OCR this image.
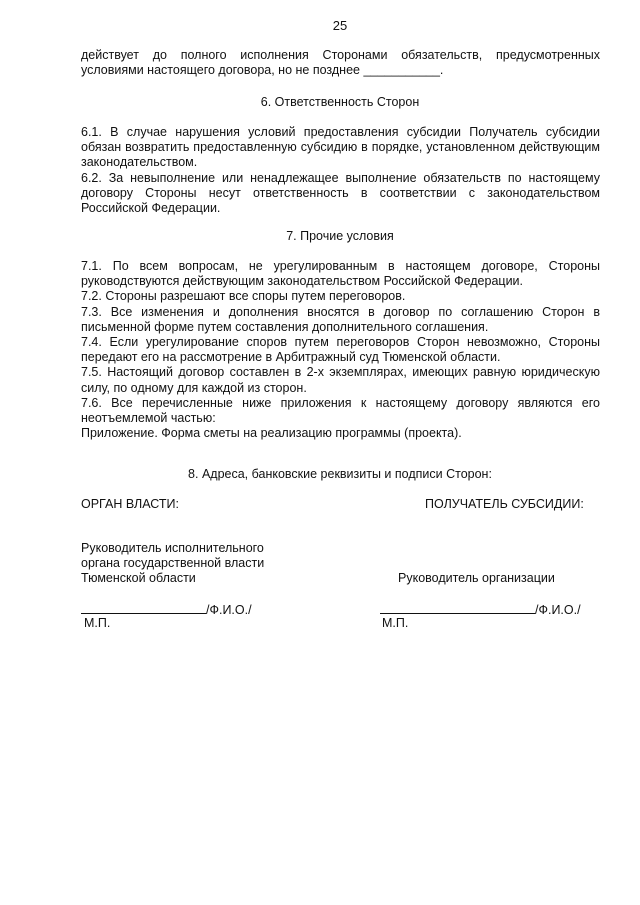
25

действует до полного исполнения Сторонами обязательств, предусмотренных условиями настоящего договора, но не позднее ___________.

6. Ответственность Сторон

6.1. В случае нарушения условий предоставления субсидии Получатель субсидии обязан возвратить предоставленную субсидию в порядке, установленном действующим законодательством.

6.2. За невыполнение или ненадлежащее выполнение обязательств по настоящему договору Стороны несут ответственность в соответствии с законодательством Российской Федерации.

7. Прочие условия

7.1. По всем вопросам, не урегулированным в настоящем договоре, Стороны руководствуются действующим законодательством Российской Федерации.

7.2. Стороны разрешают все споры путем переговоров.

7.3. Все изменения и дополнения вносятся в договор по соглашению Сторон в письменной форме путем составления дополнительного соглашения.

7.4. Если урегулирование споров путем переговоров Сторон невозможно, Стороны передают его на рассмотрение в Арбитражный суд Тюменской области.

7.5. Настоящий договор составлен в 2-х экземплярах, имеющих равную юридическую силу, по одному для каждой из сторон.

7.6. Все перечисленные ниже приложения к настоящему договору являются его неотъемлемой частью:

Приложение. Форма сметы на реализацию программы (проекта).

8. Адреса, банковские реквизиты и подписи Сторон:
ОРГАН ВЛАСТИ:
Руководитель исполнительного
органа государственной власти
Тюменской области
/Ф.И.О./
М.П.
ПОЛУЧАТЕЛЬ СУБСИДИИ:
Руководитель организации
/Ф.И.О./
М.П.
